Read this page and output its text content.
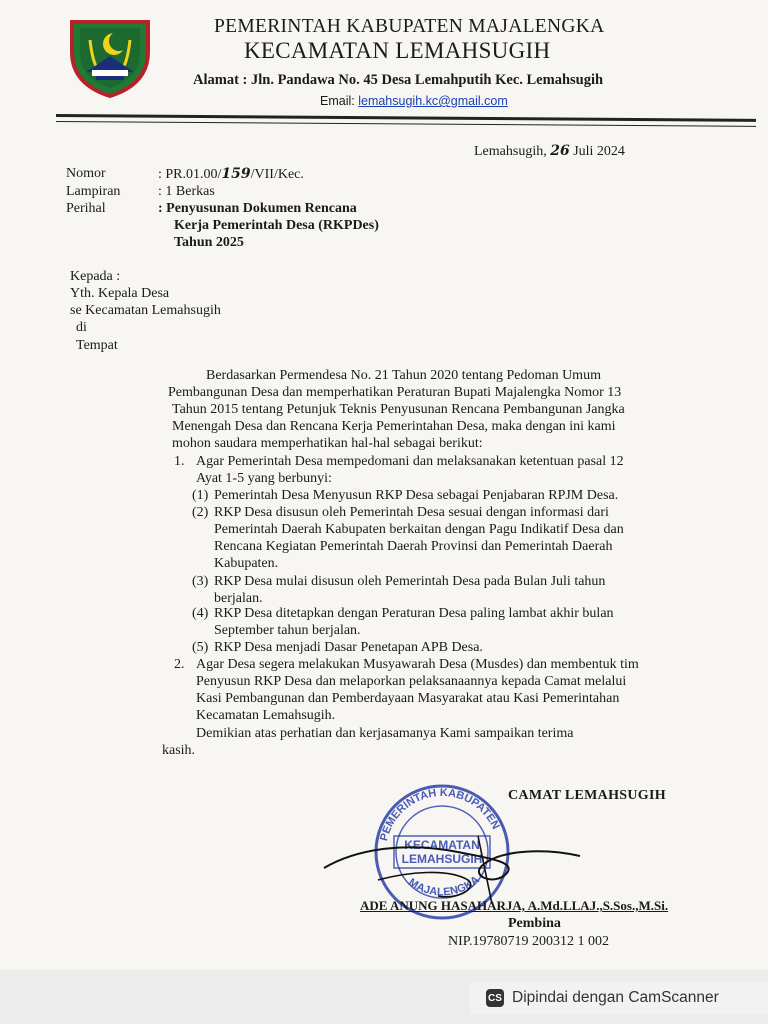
PEMERINTAH KABUPATEN MAJALENGKA
KECAMATAN LEMAHSUGIH
Alamat : Jln. Pandawa No. 45 Desa Lemahputih Kec. Lemahsugih
Email: lemahsugih.kc@gmail.com
Lemahsugih, 26 Juli 2024
Nomor	: PR.01.00/159/VII/Kec.
Lampiran	: 1 Berkas
Perihal	: Penyusunan Dokumen Rencana
Kerja Pemerintah Desa (RKPDes)
Tahun 2025
Kepada :
Yth. Kepala Desa
se Kecamatan Lemahsugih
di
Tempat
Berdasarkan Permendesa No. 21 Tahun 2020 tentang Pedoman Umum
Pembangunan Desa dan memperhatikan Peraturan Bupati Majalengka Nomor 13
Tahun 2015 tentang Petunjuk Teknis Penyusunan Rencana Pembangunan Jangka
Menengah Desa dan Rencana Kerja Pemerintahan Desa, maka dengan ini kami
mohon saudara memperhatikan hal-hal sebagai berikut:
1. Agar Pemerintah Desa mempedomani dan melaksanakan ketentuan pasal 12
Ayat 1-5 yang berbunyi:
(1) Pemerintah Desa Menyusun RKP Desa sebagai Penjabaran RPJM Desa.
(2) RKP Desa disusun oleh Pemerintah Desa sesuai dengan informasi dari
Pemerintah Daerah Kabupaten berkaitan dengan Pagu Indikatif Desa dan
Rencana Kegiatan Pemerintah Daerah Provinsi dan Pemerintah Daerah
Kabupaten.
(3) RKP Desa mulai disusun oleh Pemerintah Desa pada Bulan Juli tahun
berjalan.
(4) RKP Desa ditetapkan dengan Peraturan Desa paling lambat akhir bulan
September tahun berjalan.
(5) RKP Desa menjadi Dasar Penetapan APB Desa.
2. Agar Desa segera melakukan Musyawarah Desa (Musdes) dan membentuk tim
Penyusun RKP Desa dan melaporkan pelaksanaannya kepada Camat melalui
Kasi Pembangunan dan Pemberdayaan Masyarakat atau Kasi Pemerintahan
Kecamatan Lemahsugih.
Demikian atas perhatian dan kerjasamanya Kami sampaikan terima
kasih.
PEMERINTAH KABUPATEN
MAJALENGKA
KECAMATAN
LEMAHSUGIH
CAMAT LEMAHSUGIH
ADE ANUNG HASAHARJA, A.Md.LLAJ.,S.Sos.,M.Si.
Pembina
NIP.19780719 200312 1 002
CS Dipindai dengan CamScanner
